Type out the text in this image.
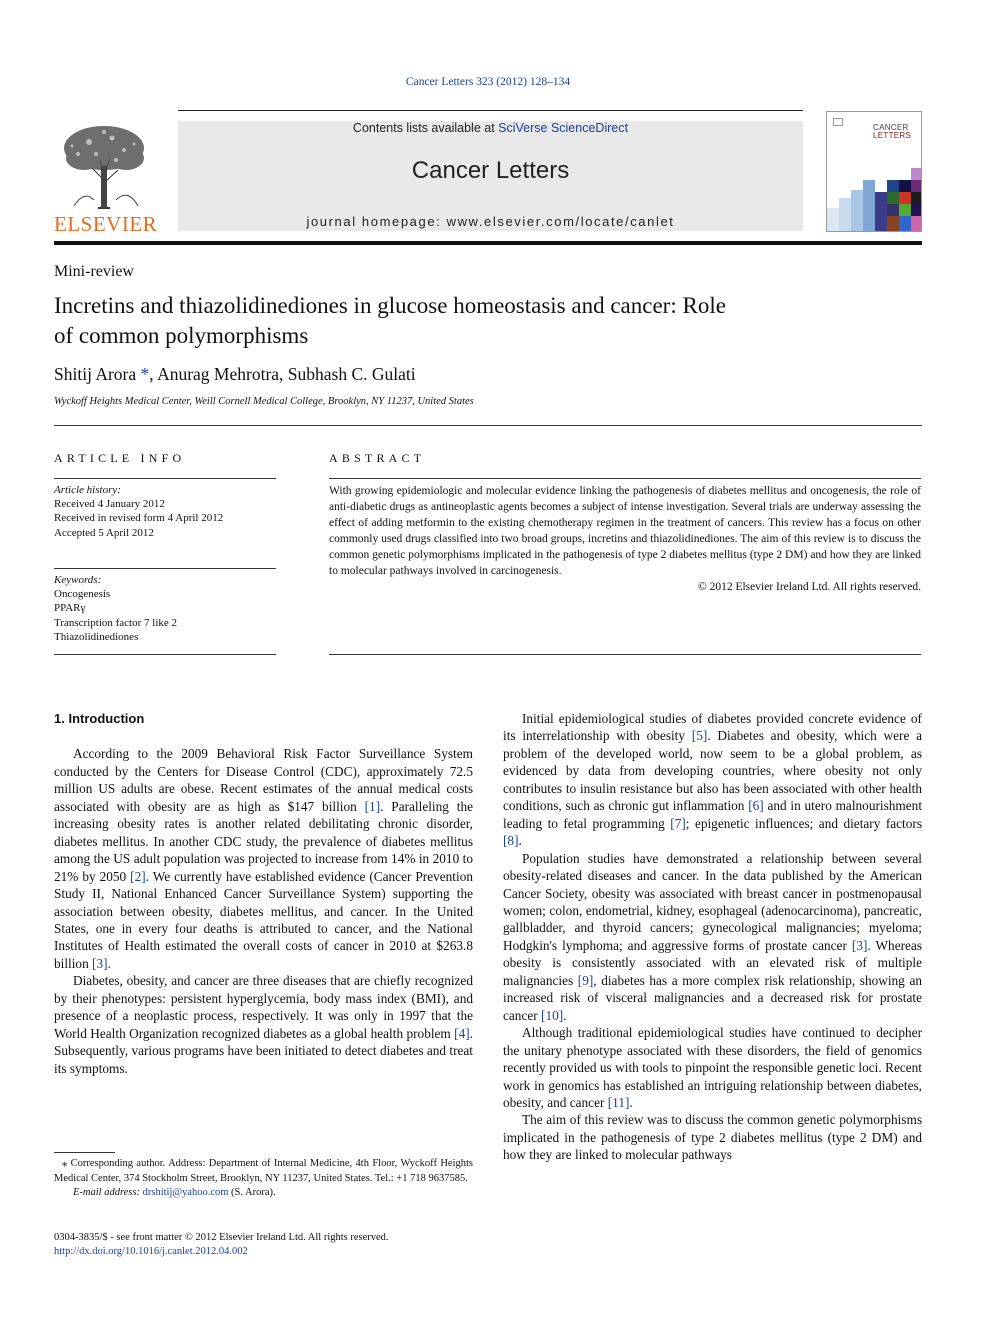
Cancer Letters 323 (2012) 128–134
ELSEVIER
Contents lists available at SciVerse ScienceDirect
Cancer Letters
journal homepage: www.elsevier.com/locate/canlet
CANCER
LETTERS
Mini-review
Incretins and thiazolidinediones in glucose homeostasis and cancer: Role
of common polymorphisms
Shitij Arora *, Anurag Mehrotra, Subhash C. Gulati
Wyckoff Heights Medical Center, Weill Cornell Medical College, Brooklyn, NY 11237, United States
ARTICLE INFO
Article history:
Received 4 January 2012
Received in revised form 4 April 2012
Accepted 5 April 2012
Keywords:
Oncogenesis
PPARγ
Transcription factor 7 like 2
Thiazolidinediones
ABSTRACT
With growing epidemiologic and molecular evidence linking the pathogenesis of diabetes mellitus and oncogenesis, the role of anti-diabetic drugs as antineoplastic agents becomes a subject of intense investigation. Several trials are underway assessing the effect of adding metformin to the existing chemotherapy regimen in the treatment of cancers. This review has a focus on other commonly used drugs classified into two broad groups, incretins and thiazolidinediones. The aim of this review is to discuss the common genetic polymorphisms implicated in the pathogenesis of type 2 diabetes mellitus (type 2 DM) and how they are linked to molecular pathways involved in carcinogenesis.
© 2012 Elsevier Ireland Ltd. All rights reserved.
1. Introduction

According to the 2009 Behavioral Risk Factor Surveillance System conducted by the Centers for Disease Control (CDC), approximately 72.5 million US adults are obese. Recent estimates of the annual medical costs associated with obesity are as high as $147 billion [1]. Paralleling the increasing obesity rates is another related debilitating chronic disorder, diabetes mellitus. In another CDC study, the prevalence of diabetes mellitus among the US adult population was projected to increase from 14% in 2010 to 21% by 2050 [2]. We currently have established evidence (Cancer Prevention Study II, National Enhanced Cancer Surveillance System) supporting the association between obesity, diabetes mellitus, and cancer. In the United States, one in every four deaths is attributed to cancer, and the National Institutes of Health estimated the overall costs of cancer in 2010 at $263.8 billion [3].

Diabetes, obesity, and cancer are three diseases that are chiefly recognized by their phenotypes: persistent hyperglycemia, body mass index (BMI), and presence of a neoplastic process, respectively. It was only in 1997 that the World Health Organization recognized diabetes as a global health problem [4]. Subsequently, various programs have been initiated to detect diabetes and treat its symptoms.

Initial epidemiological studies of diabetes provided concrete evidence of its interrelationship with obesity [5]. Diabetes and obesity, which were a problem of the developed world, now seem to be a global problem, as evidenced by data from developing countries, where obesity not only contributes to insulin resistance but also has been associated with other health conditions, such as chronic gut inflammation [6] and in utero malnourishment leading to fetal programming [7]; epigenetic influences; and dietary factors [8].

Population studies have demonstrated a relationship between several obesity-related diseases and cancer. In the data published by the American Cancer Society, obesity was associated with breast cancer in postmenopausal women; colon, endometrial, kidney, esophageal (adenocarcinoma), pancreatic, gallbladder, and thyroid cancers; gynecological malignancies; myeloma; Hodgkin's lymphoma; and aggressive forms of prostate cancer [3]. Whereas obesity is consistently associated with an elevated risk of multiple malignancies [9], diabetes has a more complex risk relationship, showing an increased risk of visceral malignancies and a decreased risk for prostate cancer [10].

Although traditional epidemiological studies have continued to decipher the unitary phenotype associated with these disorders, the field of genomics recently provided us with tools to pinpoint the responsible genetic loci. Recent work in genomics has established an intriguing relationship between diabetes, obesity, and cancer [11].

The aim of this review was to discuss the common genetic polymorphisms implicated in the pathogenesis of type 2 diabetes mellitus (type 2 DM) and how they are linked to molecular pathways

⁎ Corresponding author. Address: Department of Internal Medicine, 4th Floor, Wyckoff Heights Medical Center, 374 Stockholm Street, Brooklyn, NY 11237, United States. Tel.: +1 718 9637585.
E-mail address: drshitij@yahoo.com (S. Arora).
0304-3835/$ - see front matter © 2012 Elsevier Ireland Ltd. All rights reserved.
http://dx.doi.org/10.1016/j.canlet.2012.04.002
